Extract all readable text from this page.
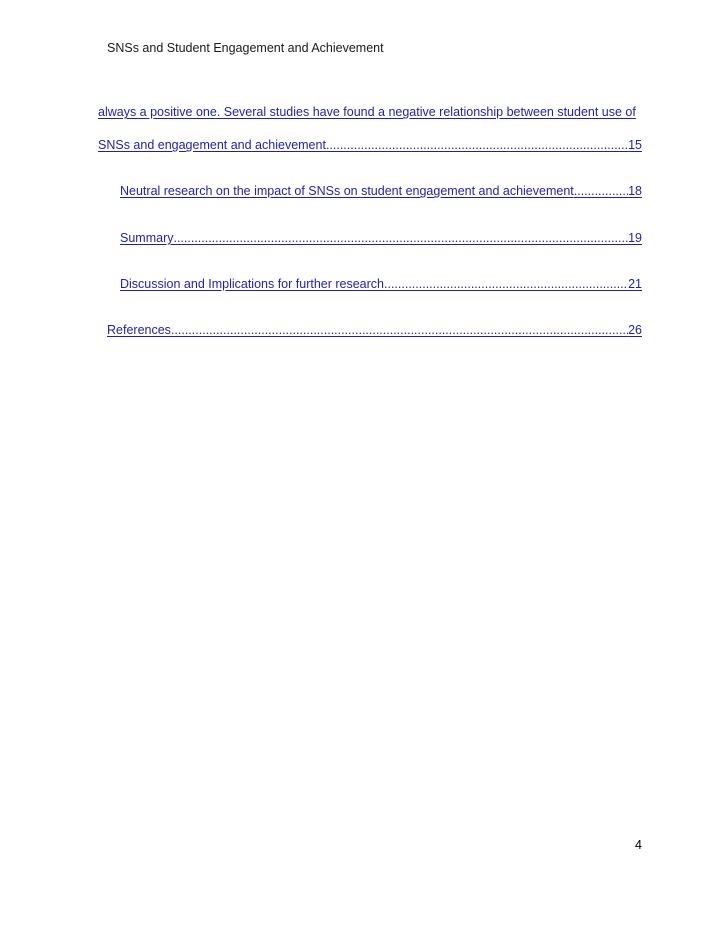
SNSs and Student Engagement and Achievement
always a positive one. Several studies have found a negative relationship between student use of
SNSs and engagement and achievement .....	15
Neutral research on the impact of SNSs on student engagement and achievement .....	18
Summary .....	19
Discussion and Implications for further research .....	21
References .....	26
4
